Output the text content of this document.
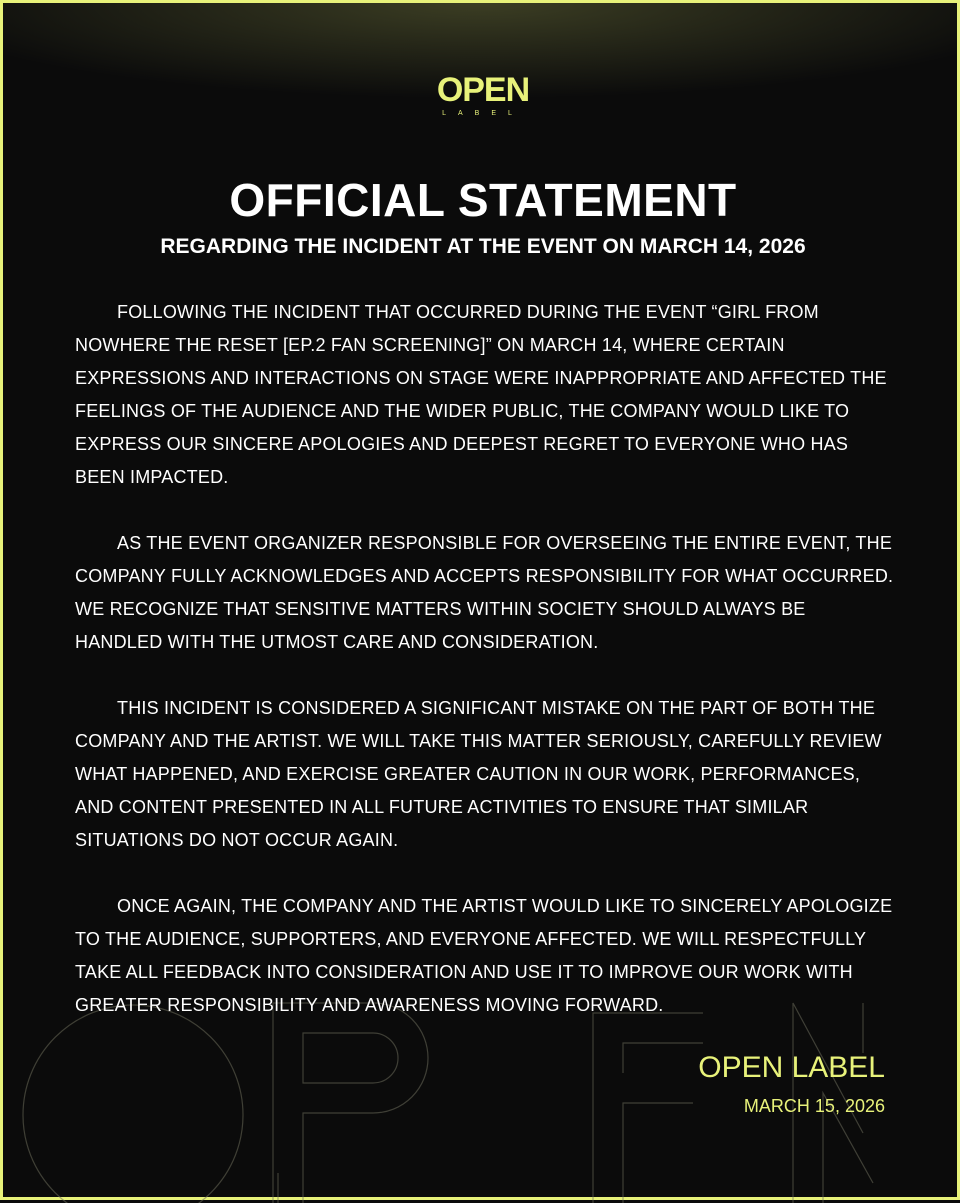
OPEN
LABEL
OFFICIAL STATEMENT
REGARDING THE INCIDENT AT THE EVENT ON MARCH 14, 2026

FOLLOWING THE INCIDENT THAT OCCURRED DURING THE EVENT “GIRL FROM NOWHERE THE RESET [EP.2 FAN SCREENING]” ON MARCH 14, WHERE CERTAIN EXPRESSIONS AND INTERACTIONS ON STAGE WERE INAPPROPRIATE AND AFFECTED THE FEELINGS OF THE AUDIENCE AND THE WIDER PUBLIC, THE COMPANY WOULD LIKE TO EXPRESS OUR SINCERE APOLOGIES AND DEEPEST REGRET TO EVERYONE WHO HAS BEEN IMPACTED.

AS THE EVENT ORGANIZER RESPONSIBLE FOR OVERSEEING THE ENTIRE EVENT, THE COMPANY FULLY ACKNOWLEDGES AND ACCEPTS RESPONSIBILITY FOR WHAT OCCURRED. WE RECOGNIZE THAT SENSITIVE MATTERS WITHIN SOCIETY SHOULD ALWAYS BE HANDLED WITH THE UTMOST CARE AND CONSIDERATION.

THIS INCIDENT IS CONSIDERED A SIGNIFICANT MISTAKE ON THE PART OF BOTH THE COMPANY AND THE ARTIST. WE WILL TAKE THIS MATTER SERIOUSLY, CAREFULLY REVIEW WHAT HAPPENED, AND EXERCISE GREATER CAUTION IN OUR WORK, PERFORMANCES, AND CONTENT PRESENTED IN ALL FUTURE ACTIVITIES TO ENSURE THAT SIMILAR SITUATIONS DO NOT OCCUR AGAIN.

ONCE AGAIN, THE COMPANY AND THE ARTIST WOULD LIKE TO SINCERELY APOLOGIZE TO THE AUDIENCE, SUPPORTERS, AND EVERYONE AFFECTED. WE WILL RESPECTFULLY TAKE ALL FEEDBACK INTO CONSIDERATION AND USE IT TO IMPROVE OUR WORK WITH GREATER RESPONSIBILITY AND AWARENESS MOVING FORWARD.

OPEN LABEL
MARCH 15, 2026
